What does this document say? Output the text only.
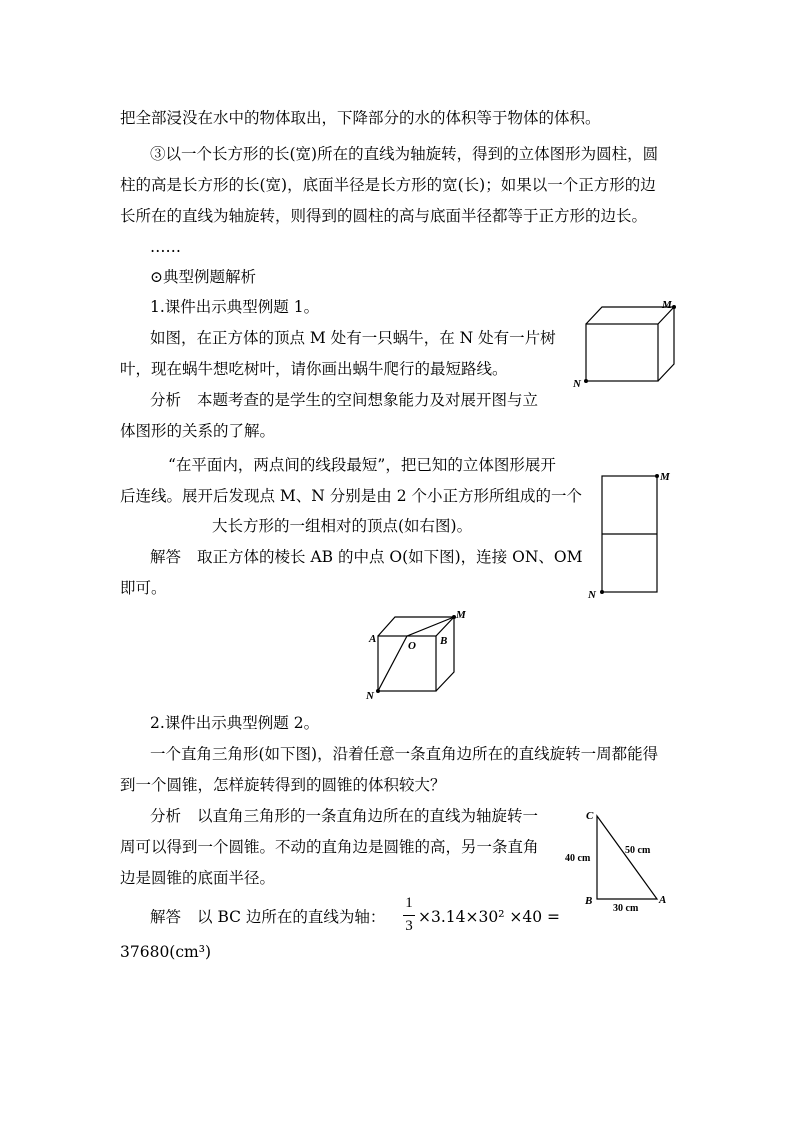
把全部浸没在水中的物体取出，下降部分的水的体积等于物体的体积。
③以一个长方形的长(宽)所在的直线为轴旋转，得到的立体图形为圆柱，圆
柱的高是长方形的长(宽)，底面半径是长方形的宽(长)；如果以一个正方形的边
长所在的直线为轴旋转，则得到的圆柱的高与底面半径都等于正方形的边长。
……
⊙典型例题解析
1.课件出示典型例题 1。
如图，在正方体的顶点 M 处有一只蜗牛，在 N 处有一片树
叶，现在蜗牛想吃树叶，请你画出蜗牛爬行的最短路线。
分析 本题考查的是学生的空间想象能力及对展开图与立
体图形的关系的了解。
“在平面内，两点间的线段最短”，把已知的立体图形展开
后连线。展开后发现点 M、N 分别是由 2 个小正方形所组成的一个
大长方形的一组相对的顶点(如右图)。
解答 取正方体的棱长 AB 的中点 O(如下图)，连接 ON、OM
即可。
M
N
M
N
M
N
A	B
O
2.课件出示典型例题 2。
一个直角三角形(如下图)，沿着任意一条直角边所在的直线旋转一周都能得
到一个圆锥，怎样旋转得到的圆锥的体积较大？
分析 以直角三角形的一条直角边所在的直线为轴旋转一
周可以得到一个圆锥。不动的直角边是圆锥的高，另一条直角
边是圆锥的底面半径。
解答 以 BC 边所在的直线为轴：
1
3 ×3.14×30² ×40 =
37680(cm³)
C
B	A
40 cm
50 cm
30 cm
